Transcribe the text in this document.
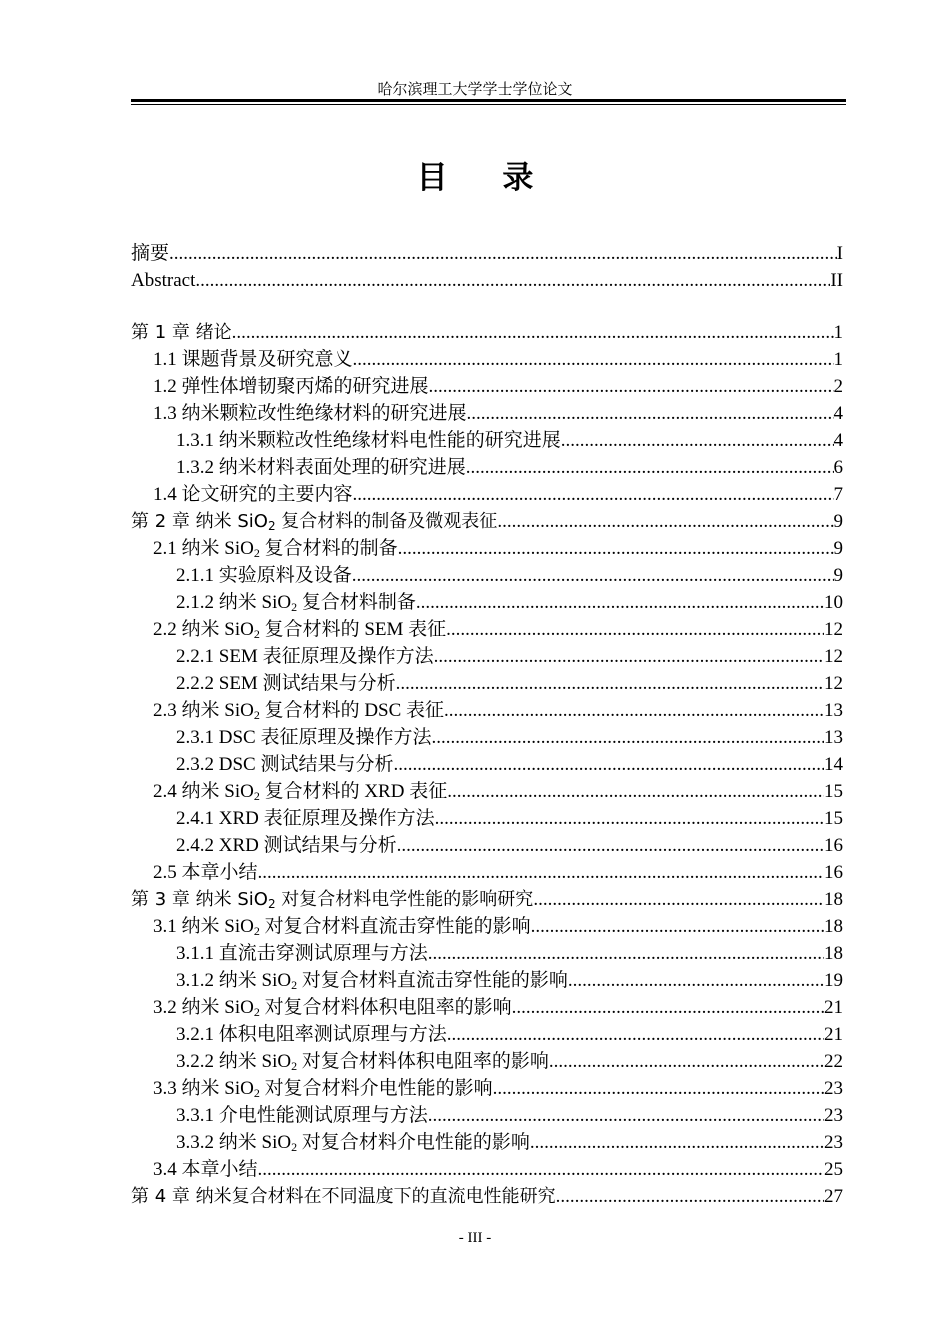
哈尔滨理工大学学士学位论文
目 录
摘要 .....	I
Abstract .....	II
第 1 章 绪论 .....	1
1.1 课题背景及研究意义 .....	1
1.2 弹性体增韧聚丙烯的研究进展 .....	2
1.3 纳米颗粒改性绝缘材料的研究进展 .....	4
1.3.1 纳米颗粒改性绝缘材料电性能的研究进展 .....	4
1.3.2 纳米材料表面处理的研究进展 .....	6
1.4 论文研究的主要内容 .....	7
第 2 章 纳米 SiO$_2$ 复合材料的制备及微观表征 .....	9
2.1 纳米 SiO$_2$ 复合材料的制备 .....	9
2.1.1 实验原料及设备 .....	9
2.1.2 纳米 SiO$_2$ 复合材料制备 .....	10
2.2 纳米 SiO$_2$ 复合材料的 SEM 表征 .....	12
2.2.1 SEM 表征原理及操作方法 .....	12
2.2.2 SEM 测试结果与分析 .....	12
2.3 纳米 SiO$_2$ 复合材料的 DSC 表征 .....	13
2.3.1 DSC 表征原理及操作方法 .....	13
2.3.2 DSC 测试结果与分析 .....	14
2.4 纳米 SiO$_2$ 复合材料的 XRD 表征 .....	15
2.4.1 XRD 表征原理及操作方法 .....	15
2.4.2 XRD 测试结果与分析 .....	16
2.5 本章小结 .....	16
第 3 章 纳米 SiO$_2$ 对复合材料电学性能的影响研究 .....	18
3.1 纳米 SiO$_2$ 对复合材料直流击穿性能的影响 .....	18
3.1.1 直流击穿测试原理与方法 .....	18
3.1.2 纳米 SiO$_2$ 对复合材料直流击穿性能的影响 .....	19
3.2 纳米 SiO$_2$ 对复合材料体积电阻率的影响 .....	21
3.2.1 体积电阻率测试原理与方法 .....	21
3.2.2 纳米 SiO$_2$ 对复合材料体积电阻率的影响 .....	22
3.3 纳米 SiO$_2$ 对复合材料介电性能的影响 .....	23
3.3.1 介电性能测试原理与方法 .....	23
3.3.2 纳米 SiO$_2$ 对复合材料介电性能的影响 .....	23
3.4 本章小结 .....	25
第 4 章 纳米复合材料在不同温度下的直流电性能研究 .....	27
- III -
